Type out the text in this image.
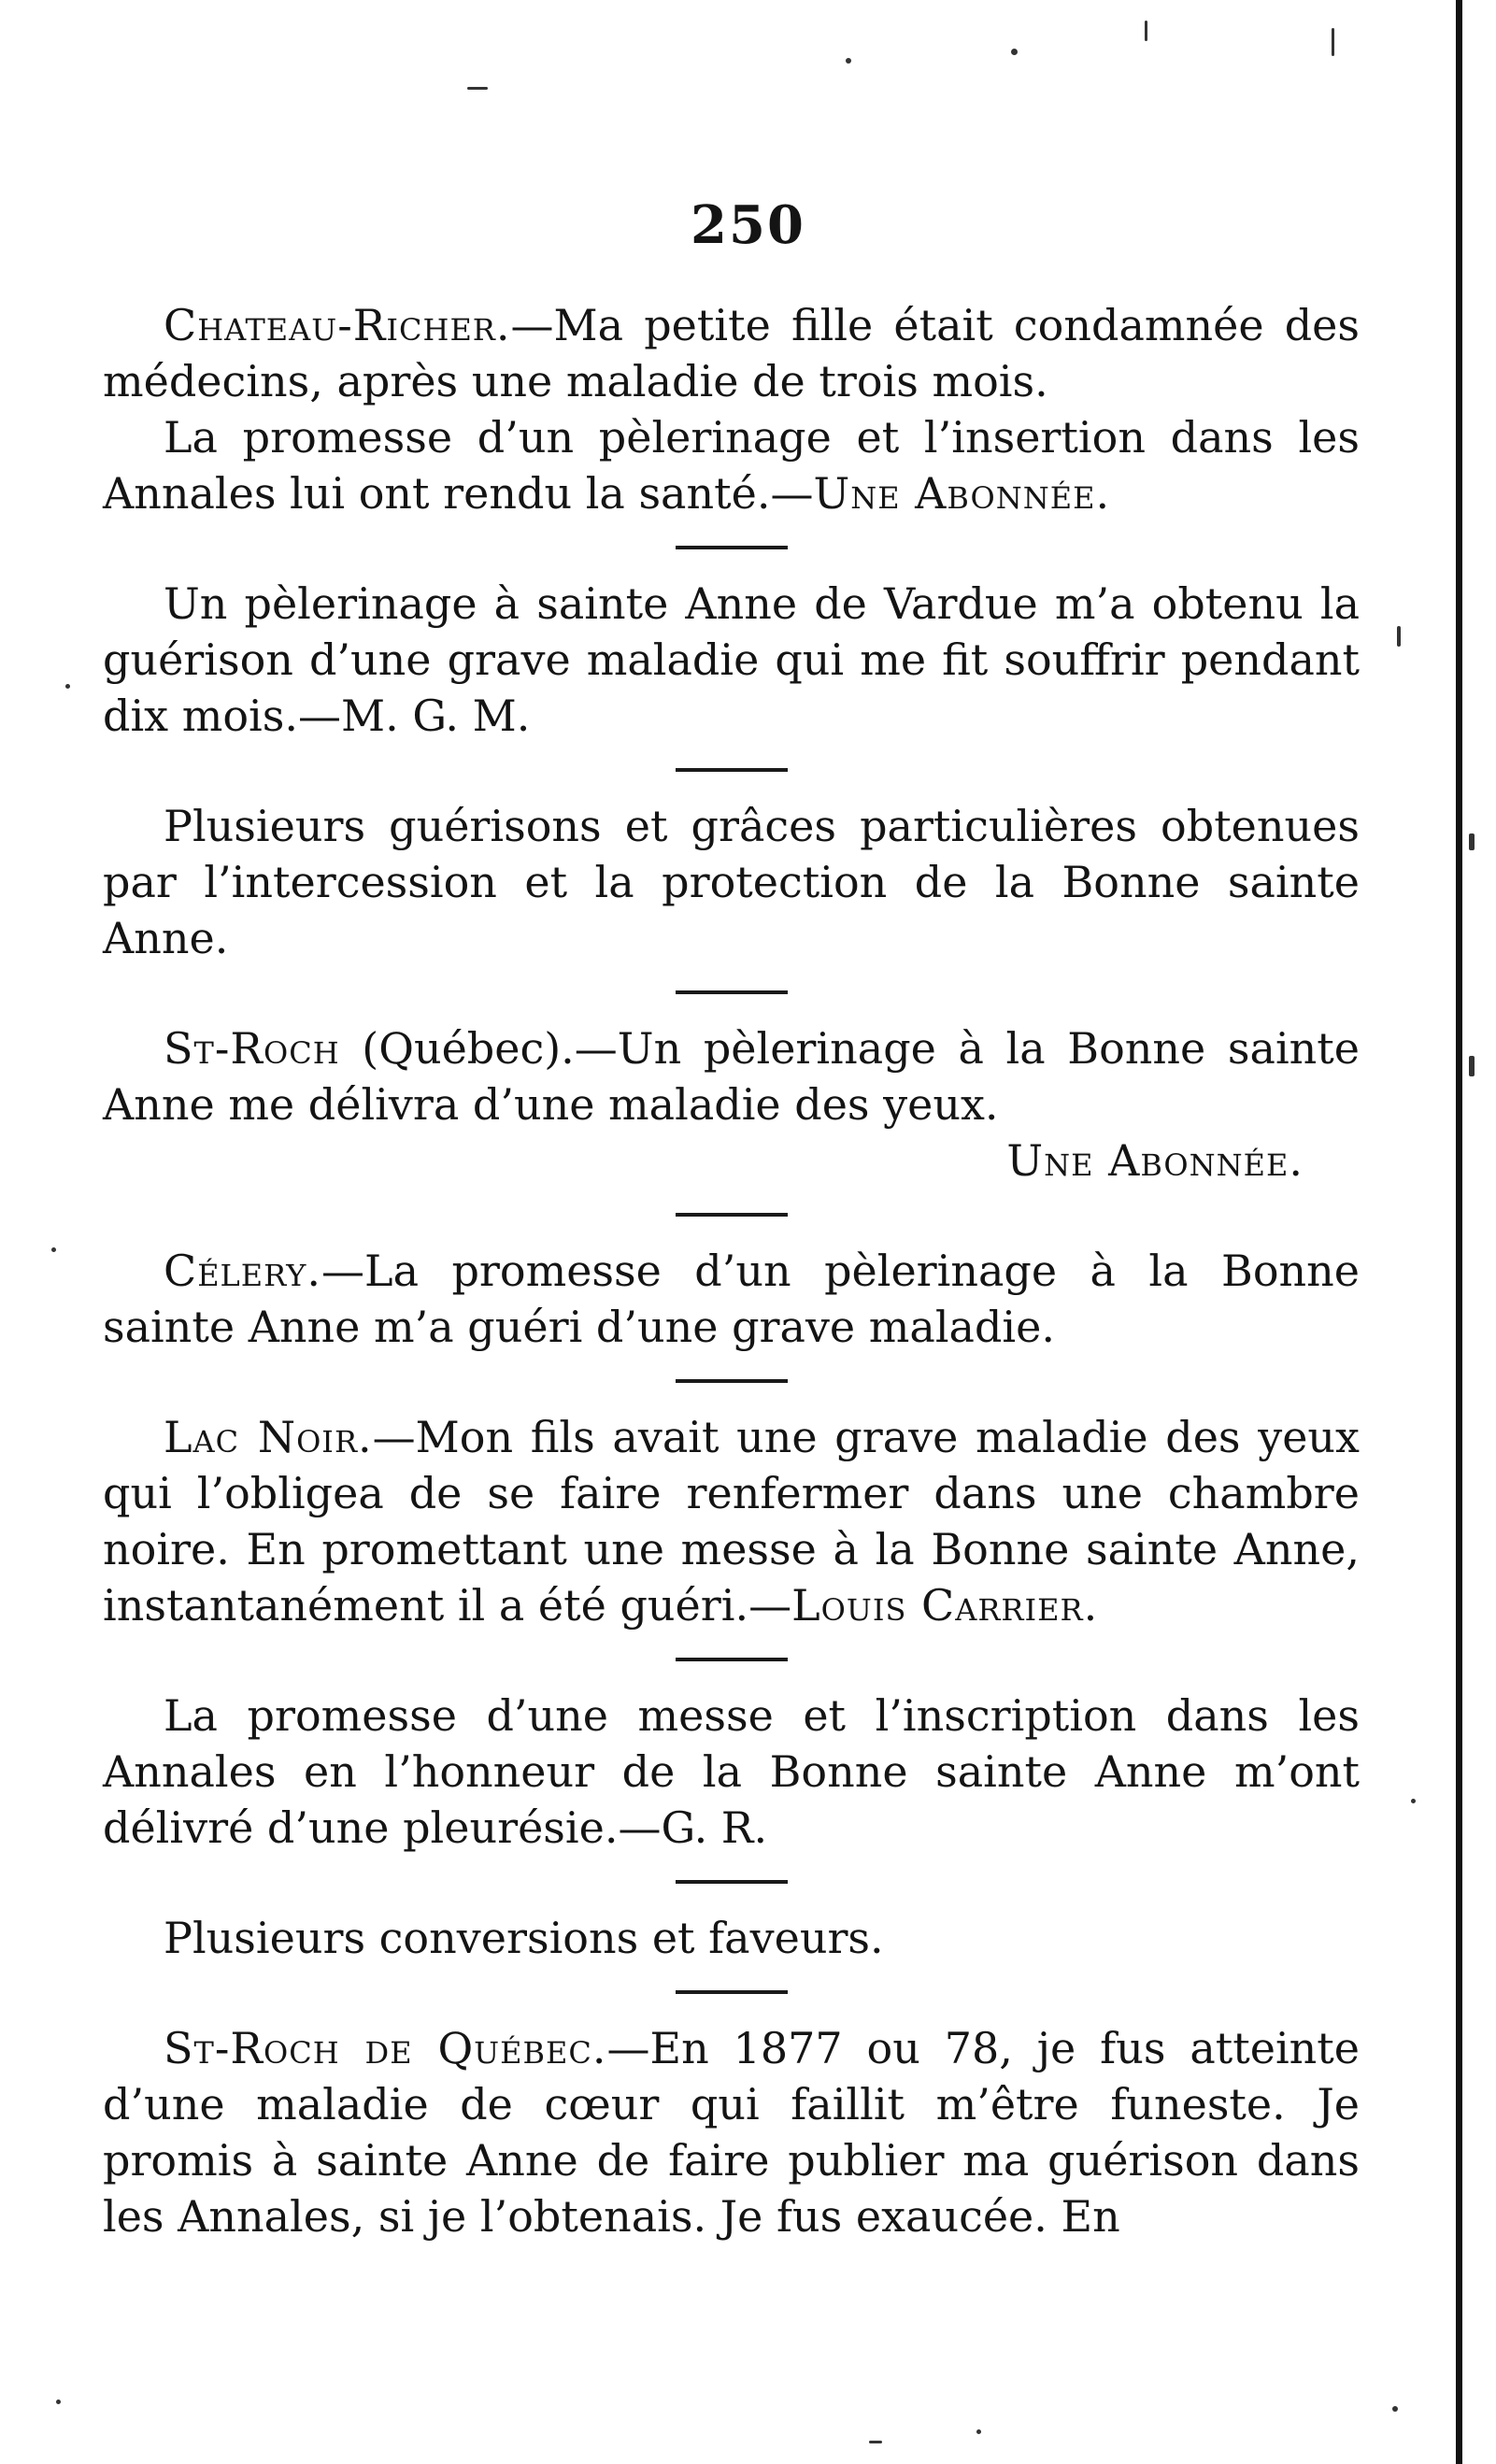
250

Chateau-Richer.—Ma petite fille était condamnée des médecins, après une maladie de trois mois.

La promesse d’un pèlerinage et l’insertion dans les Annales lui ont rendu la santé.—Une Abonnée.

Un pèlerinage à sainte Anne de Vardue m’a obtenu la guérison d’une grave maladie qui me fit souffrir pendant dix mois.—M. G. M.

Plusieurs guérisons et grâces particulières obtenues par l’intercession et la protection de la Bonne sainte Anne.

St-Roch (Québec).—Un pèlerinage à la Bonne sainte Anne me délivra d’une maladie des yeux.

Une Abonnée.

Célery.—La promesse d’un pèlerinage à la Bonne sainte Anne m’a guéri d’une grave maladie.

Lac Noir.—Mon fils avait une grave maladie des yeux qui l’obligea de se faire renfermer dans une chambre noire. En promettant une messe à la Bonne sainte Anne, instantanément il a été guéri.—Louis Carrier.

La promesse d’une messe et l’inscription dans les Annales en l’honneur de la Bonne sainte Anne m’ont délivré d’une pleurésie.—G. R.

Plusieurs conversions et faveurs.

St-Roch de Québec.—En 1877 ou 78, je fus atteinte d’une maladie de cœur qui faillit m’être funeste. Je promis à sainte Anne de faire publier ma guérison dans les Annales, si je l’obtenais. Je fus exaucée. En
